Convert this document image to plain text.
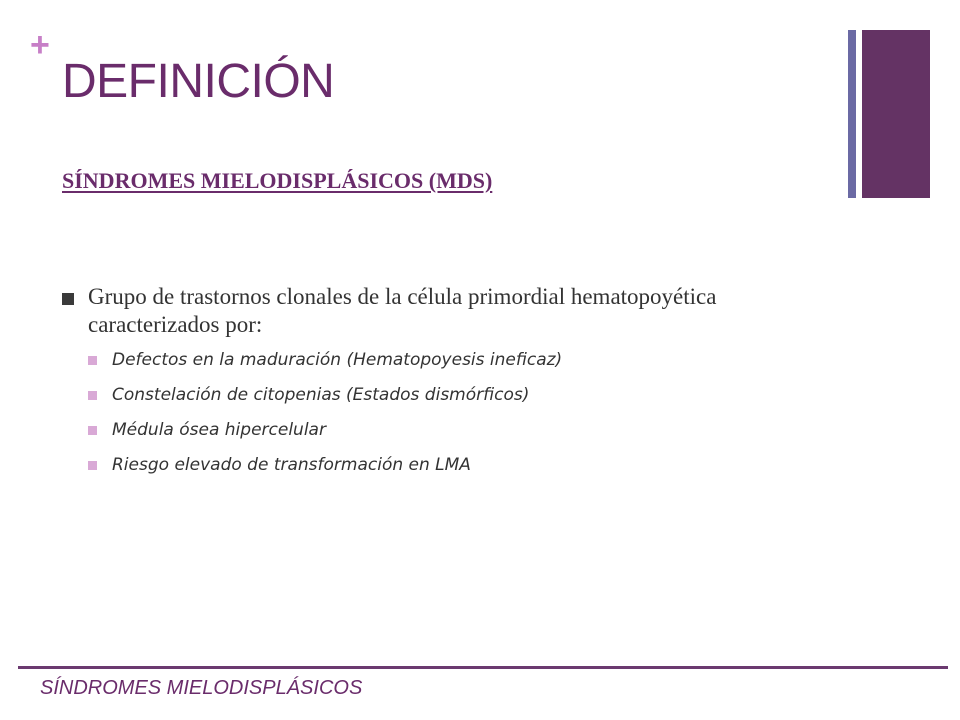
+
DEFINICIÓN
SÍNDROMES MIELODISPLÁSICOS (MDS)
Grupo de trastornos clonales de la célula primordial hematopoyética caracterizados por:
Defectos en la maduración (Hematopoyesis ineficaz)
Constelación de citopenias (Estados dismórficos)
Médula ósea hipercelular
Riesgo elevado de transformación en LMA
SÍNDROMES MIELODISPLÁSICOS
